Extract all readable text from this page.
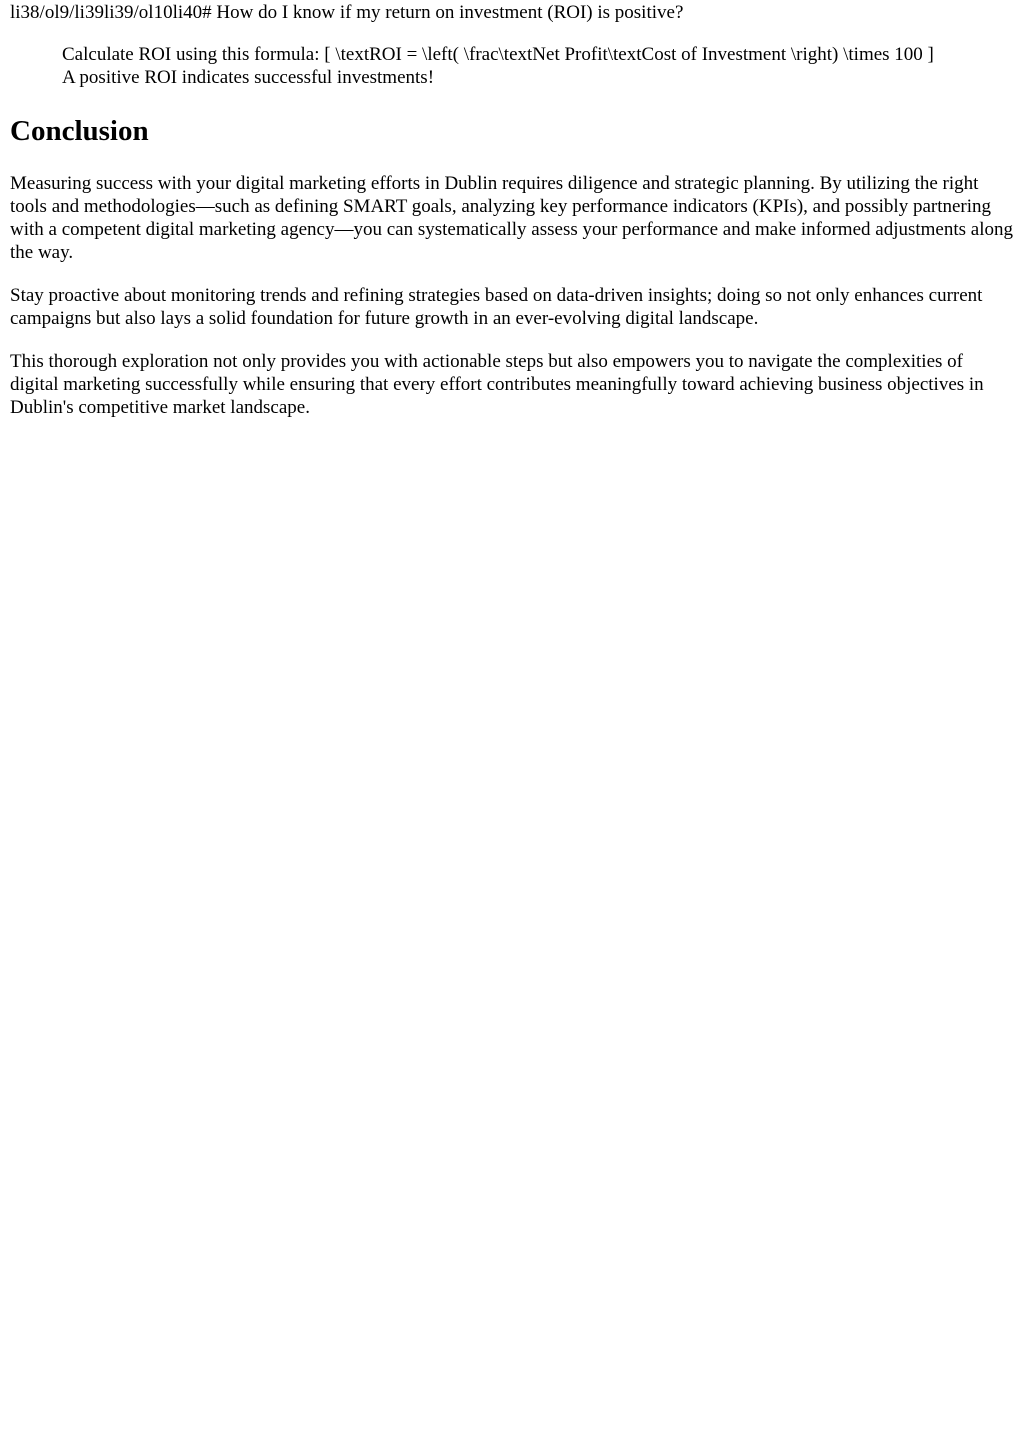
li38/ol9/li39li39/ol10li40# How do I know if my return on investment (ROI) is positive?

Calculate ROI using this formula: [ \textROI = \left( \frac\textNet Profit\textCost of Investment \right) \times 100 ]

A positive ROI indicates successful investments!

Conclusion

Measuring success with your digital marketing efforts in Dublin requires diligence and strategic planning. By utilizing the right tools and methodologies—such as defining SMART goals, analyzing key performance indicators (KPIs), and possibly partnering with a competent digital marketing agency—you can systematically assess your performance and make informed adjustments along the way.

Stay proactive about monitoring trends and refining strategies based on data-driven insights; doing so not only enhances current campaigns but also lays a solid foundation for future growth in an ever-evolving digital landscape.

This thorough exploration not only provides you with actionable steps but also empowers you to navigate the complexities of digital marketing successfully while ensuring that every effort contributes meaningfully toward achieving business objectives in Dublin's competitive market landscape.
